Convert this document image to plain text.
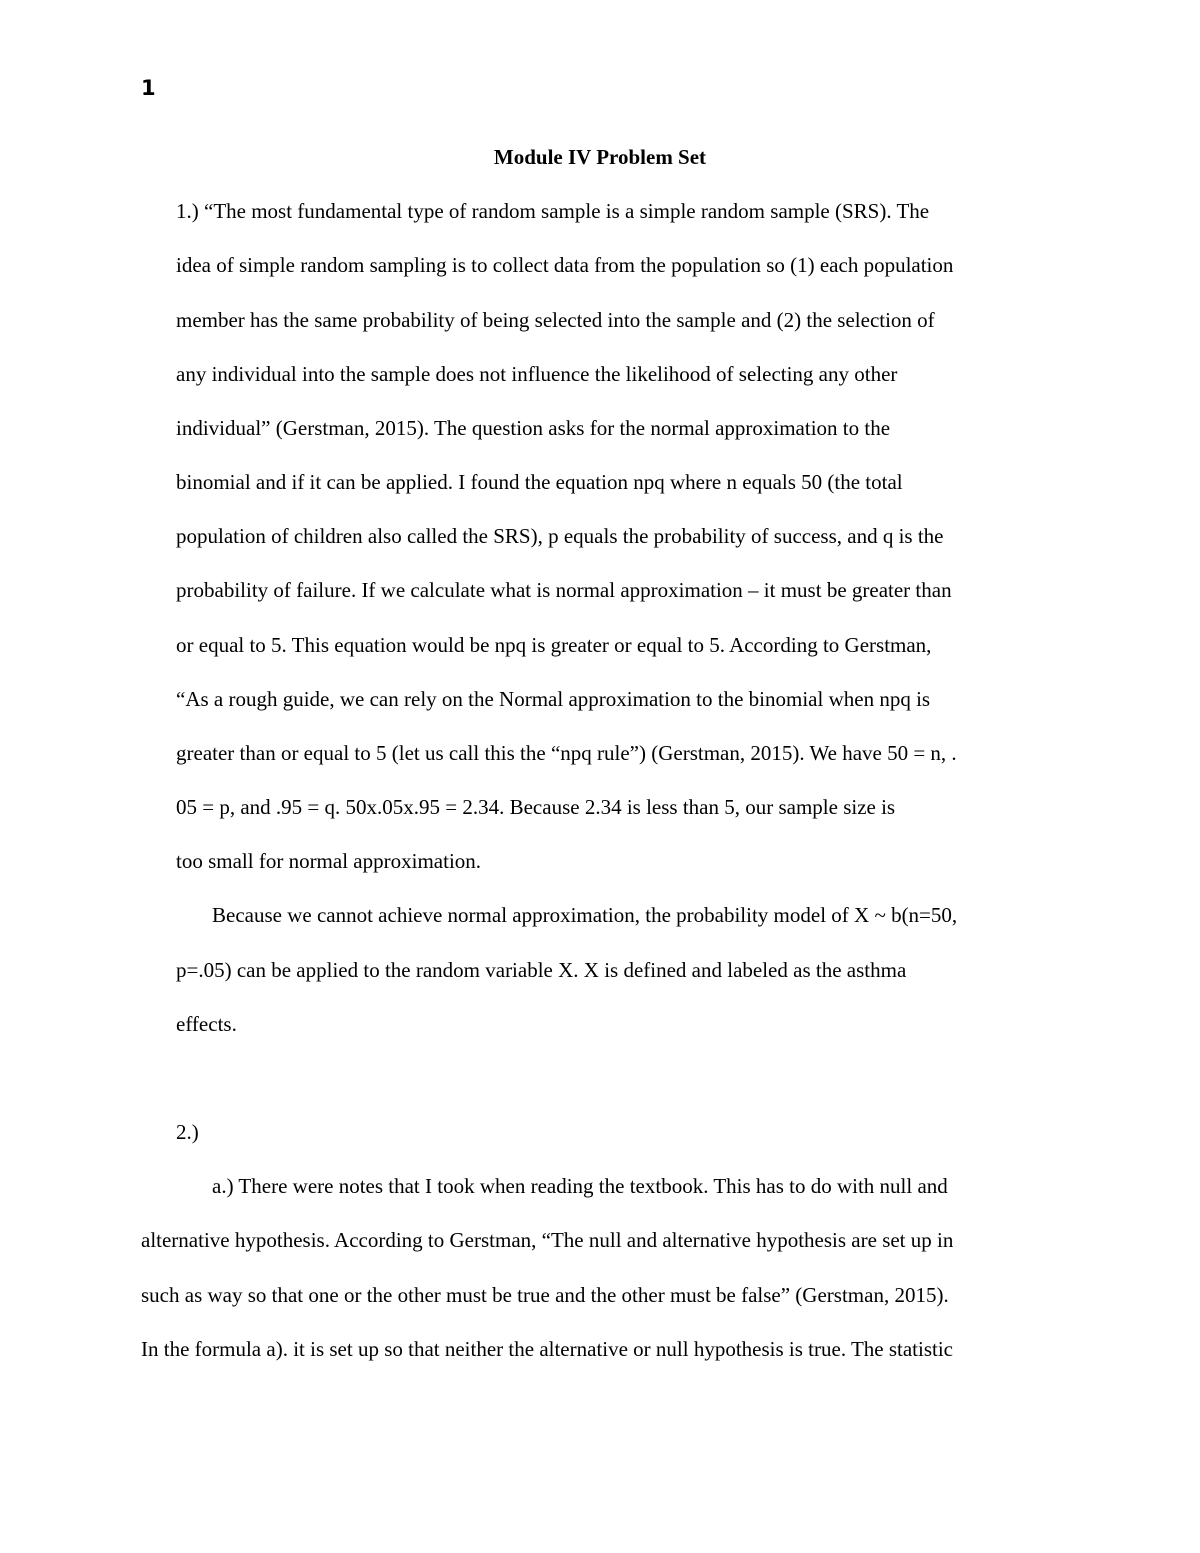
1
Module IV Problem Set
1.) “The most fundamental type of random sample is a simple random sample (SRS). The
idea of simple random sampling is to collect data from the population so (1) each population
member has the same probability of being selected into the sample and (2) the selection of
any individual into the sample does not influence the likelihood of selecting any other
individual” (Gerstman, 2015). The question asks for the normal approximation to the
binomial and if it can be applied. I found the equation npq where n equals 50 (the total
population of children also called the SRS), p equals the probability of success, and q is the
probability of failure. If we calculate what is normal approximation – it must be greater than
or equal to 5. This equation would be npq is greater or equal to 5. According to Gerstman,
“As a rough guide, we can rely on the Normal approximation to the binomial when npq is
greater than or equal to 5 (let us call this the “npq rule”) (Gerstman, 2015). We have 50 = n, .
05 = p, and .95 = q. 50x.05x.95 = 2.34. Because 2.34 is less than 5, our sample size is
too small for normal approximation.
Because we cannot achieve normal approximation, the probability model of X ~ b(n=50,
p=.05) can be applied to the random variable X. X is defined and labeled as the asthma
effects.
2.)
a.) There were notes that I took when reading the textbook. This has to do with null and
alternative hypothesis. According to Gerstman, “The null and alternative hypothesis are set up in
such as way so that one or the other must be true and the other must be false” (Gerstman, 2015).
In the formula a). it is set up so that neither the alternative or null hypothesis is true. The statistic
